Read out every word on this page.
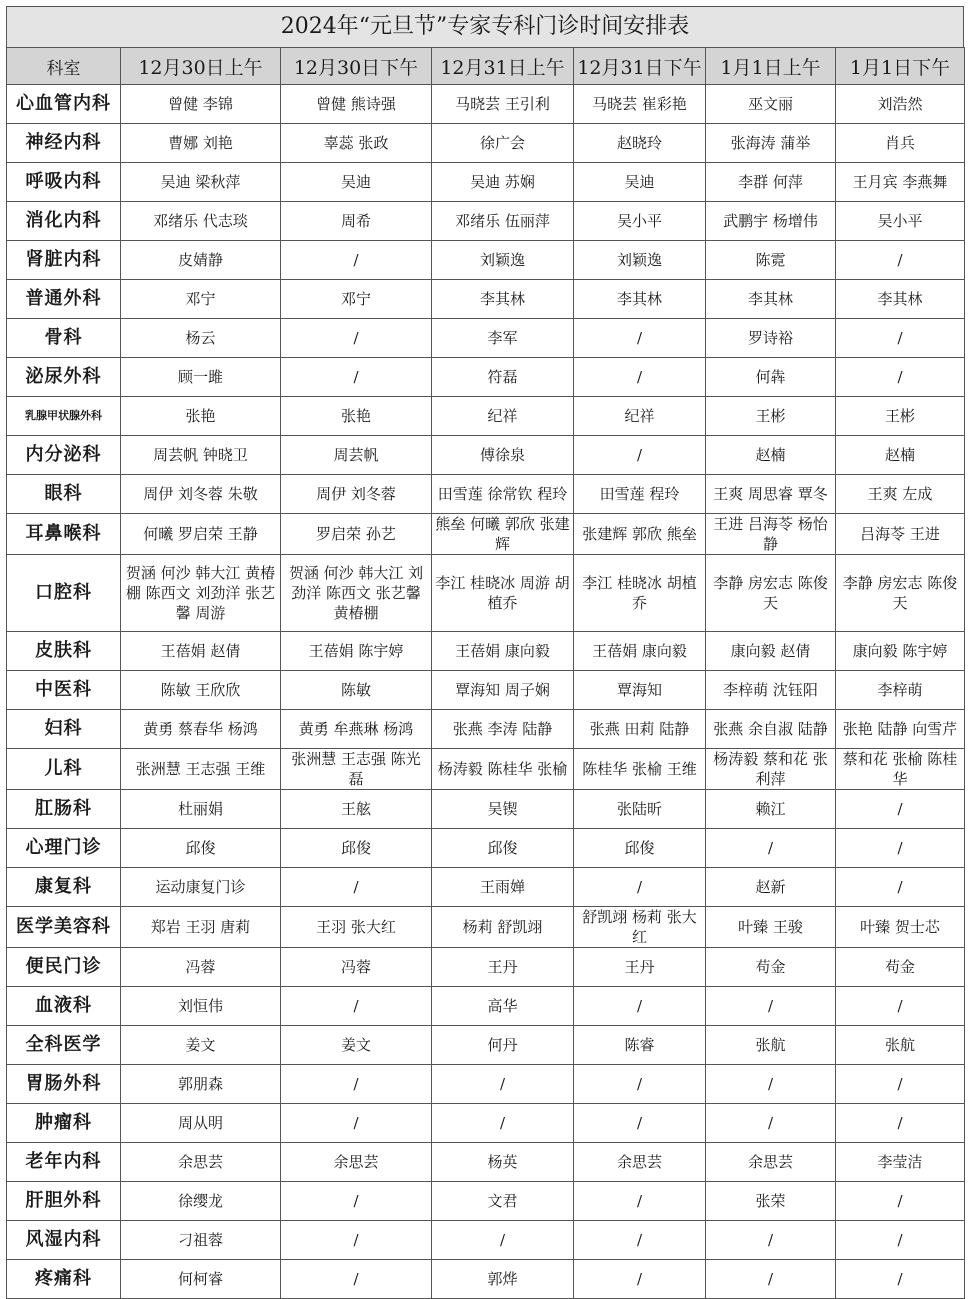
2024年“元旦节”专家专科门诊时间安排表
科室	12月30日上午	12月30日下午	12月31日上午	12月31日下午	1月1日上午	1月1日下午
心血管内科	曾健 李锦	曾健 熊诗强	马晓芸 王引利	马晓芸 崔彩艳	巫文丽	刘浩然
神经内科	曹娜 刘艳	辜蕊 张政	徐广会	赵晓玲	张海涛 蒲举	肖兵
呼吸内科	吴迪 梁秋萍	吴迪	吴迪 苏娴	吴迪	李群 何萍	王月宾 李燕舞
消化内科	邓绪乐 代志琰	周希	邓绪乐 伍丽萍	吴小平	武鹏宇 杨增伟	吴小平
肾脏内科	皮婧静	/	刘颖逸	刘颖逸	陈霓	/
普通外科	邓宁	邓宁	李其林	李其林	李其林	李其林
骨科	杨云	/	李军	/	罗诗裕	/
泌尿外科	顾一雎	/	符磊	/	何犇	/
乳腺甲状腺外科	张艳	张艳	纪祥	纪祥	王彬	王彬
内分泌科	周芸帆 钟晓卫	周芸帆	傅徐泉	/	赵楠	赵楠
眼科	周伊 刘冬蓉 朱敬	周伊 刘冬蓉	田雪莲 徐常钦 程玲	田雪莲 程玲	王爽 周思睿 覃冬	王爽 左成
耳鼻喉科	何曦 罗启荣 王静	罗启荣 孙艺	熊垒 何曦 郭欣 张建辉	张建辉 郭欣 熊垒	王进 吕海苓 杨怡静	吕海苓 王进
口腔科	贺涵 何沙 韩大江 黄椿棚 陈西文 刘劲洋 张艺馨 周游	贺涵 何沙 韩大江 刘劲洋 陈西文 张艺馨 黄椿棚	李江 桂晓冰 周游 胡植乔	李江 桂晓冰 胡植乔	李静 房宏志 陈俊天	李静 房宏志 陈俊天
皮肤科	王蓓娟 赵倩	王蓓娟 陈宇婷	王蓓娟 康向毅	王蓓娟 康向毅	康向毅 赵倩	康向毅 陈宇婷
中医科	陈敏 王欣欣	陈敏	覃海知 周子娴	覃海知	李梓萌 沈钰阳	李梓萌
妇科	黄勇 蔡春华 杨鸿	黄勇 牟燕琳 杨鸿	张燕 李涛 陆静	张燕 田莉 陆静	张燕 余自淑 陆静	张艳 陆静 向雪芹
儿科	张洲慧 王志强 王维	张洲慧 王志强 陈光磊	杨涛毅 陈桂华 张榆	陈桂华 张榆 王维	杨涛毅 蔡和花 张利萍	蔡和花 张榆 陈桂华
肛肠科	杜丽娟	王舷	吴锲	张陆昕	赖江	/
心理门诊	邱俊	邱俊	邱俊	邱俊	/	/
康复科	运动康复门诊	/	王雨婵	/	赵新	/
医学美容科	郑岩 王羽 唐莉	王羽 张大红	杨莉 舒凯翊	舒凯翊 杨莉 张大红	叶臻 王骏	叶臻 贺士芯
便民门诊	冯蓉	冯蓉	王丹	王丹	苟金	苟金
血液科	刘恒伟	/	高华	/	/	/
全科医学	姜文	姜文	何丹	陈睿	张航	张航
胃肠外科	郭朋森	/	/	/	/	/
肿瘤科	周从明	/	/	/	/	/
老年内科	余思芸	余思芸	杨英	余思芸	余思芸	李莹洁
肝胆外科	徐缨龙	/	文君	/	张荣	/
风湿内科	刁祖蓉	/	/	/	/	/
疼痛科	何柯睿	/	郭烨	/	/	/
